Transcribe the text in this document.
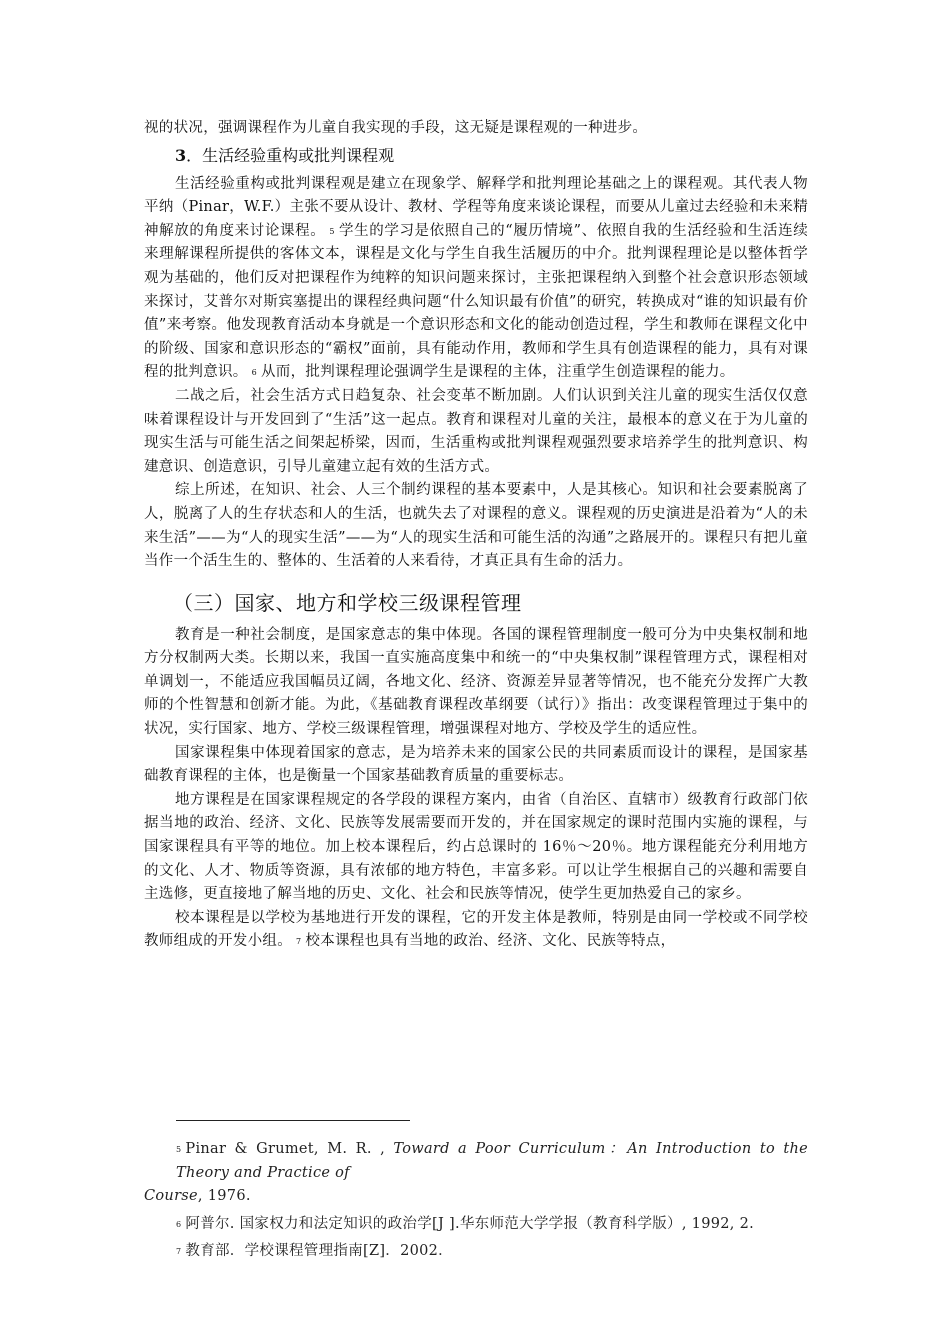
视的状况，强调课程作为儿童自我实现的手段，这无疑是课程观的一种进步。

3．生活经验重构或批判课程观

生活经验重构或批判课程观是建立在现象学、解释学和批判理论基础之上的课程观。其代表人物平纳（Pinar，W.F.）主张不要从设计、教材、学程等角度来谈论课程，而要从儿童过去经验和未来精神解放的角度来讨论课程。 $^5$ 学生的学习是依照自己的“履历情境”、依照自我的生活经验和生活连续来理解课程所提供的客体文本，课程是文化与学生自我生活履历的中介。批判课程理论是以整体哲学观为基础的，他们反对把课程作为纯粹的知识问题来探讨，主张把课程纳入到整个社会意识形态领域来探讨，艾普尔对斯宾塞提出的课程经典问题“什么知识最有价值”的研究，转换成对“谁的知识最有价值”来考察。他发现教育活动本身就是一个意识形态和文化的能动创造过程，学生和教师在课程文化中的阶级、国家和意识形态的“霸权”面前，具有能动作用，教师和学生具有创造课程的能力，具有对课程的批判意识。 $^6$ 从而，批判课程理论强调学生是课程的主体，注重学生创造课程的能力。

二战之后，社会生活方式日趋复杂、社会变革不断加剧。人们认识到关注儿童的现实生活仅仅意味着课程设计与开发回到了“生活”这一起点。教育和课程对儿童的关注，最根本的意义在于为儿童的现实生活与可能生活之间架起桥梁，因而，生活重构或批判课程观强烈要求培养学生的批判意识、构建意识、创造意识，引导儿童建立起有效的生活方式。

综上所述，在知识、社会、人三个制约课程的基本要素中，人是其核心。知识和社会要素脱离了人，脱离了人的生存状态和人的生活，也就失去了对课程的意义。课程观的历史演进是沿着为“人的未来生活”——为“人的现实生活”——为“人的现实生活和可能生活的沟通”之路展开的。课程只有把儿童当作一个活生生的、整体的、生活着的人来看待，才真正具有生命的活力。

（三）国家、地方和学校三级课程管理

教育是一种社会制度，是国家意志的集中体现。各国的课程管理制度一般可分为中央集权制和地方分权制两大类。长期以来，我国一直实施高度集中和统一的“中央集权制”课程管理方式，课程相对单调划一，不能适应我国幅员辽阔，各地文化、经济、资源差异显著等情况，也不能充分发挥广大教师的个性智慧和创新才能。为此，《基础教育课程改革纲要（试行）》指出：改变课程管理过于集中的状况，实行国家、地方、学校三级课程管理，增强课程对地方、学校及学生的适应性。

国家课程集中体现着国家的意志，是为培养未来的国家公民的共同素质而设计的课程，是国家基础教育课程的主体，也是衡量一个国家基础教育质量的重要标志。

地方课程是在国家课程规定的各学段的课程方案内，由省（自治区、直辖市）级教育行政部门依据当地的政治、经济、文化、民族等发展需要而开发的，并在国家规定的课时范围内实施的课程，与国家课程具有平等的地位。加上校本课程后，约占总课时的 16％～20％。地方课程能充分利用地方的文化、人才、物质等资源，具有浓郁的地方特色，丰富多彩。可以让学生根据自己的兴趣和需要自主选修，更直接地了解当地的历史、文化、社会和民族等情况，使学生更加热爱自己的家乡。

校本课程是以学校为基地进行开发的课程，它的开发主体是教师，特别是由同一学校或不同学校教师组成的开发小组。 $^7$ 校本课程也具有当地的政治、经济、文化、民族等特点，

5 Pinar & Grumet, M. R. , Toward a Poor Curriculum：An Introduction to the Theory and Practice of

Course, 1976.

6 阿普尔. 国家权力和法定知识的政治学[J ].华东师范大学学报（教育科学版）, 1992, 2.

7 教育部．学校课程管理指南[Z]．2002．
